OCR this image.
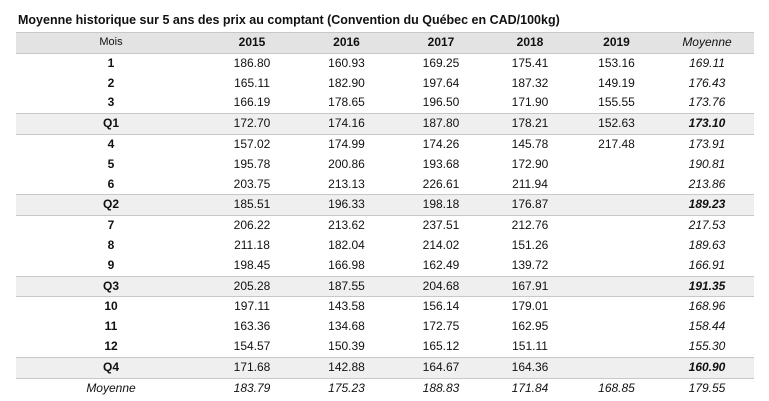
Moyenne historique sur 5 ans des prix au comptant (Convention du Québec en CAD/100kg)
Mois	2015	2016	2017	2018	2019	Moyenne
1	186.80	160.93	169.25	175.41	153.16	169.11
2	165.11	182.90	197.64	187.32	149.19	176.43
3	166.19	178.65	196.50	171.90	155.55	173.76
Q1	172.70	174.16	187.80	178.21	152.63	173.10
4	157.02	174.99	174.26	145.78	217.48	173.91
5	195.78	200.86	193.68	172.90		190.81
6	203.75	213.13	226.61	211.94		213.86
Q2	185.51	196.33	198.18	176.87		189.23
7	206.22	213.62	237.51	212.76		217.53
8	211.18	182.04	214.02	151.26		189.63
9	198.45	166.98	162.49	139.72		166.91
Q3	205.28	187.55	204.68	167.91		191.35
10	197.11	143.58	156.14	179.01		168.96
11	163.36	134.68	172.75	162.95		158.44
12	154.57	150.39	165.12	151.11		155.30
Q4	171.68	142.88	164.67	164.36		160.90
Moyenne	183.79	175.23	188.83	171.84	168.85	179.55
